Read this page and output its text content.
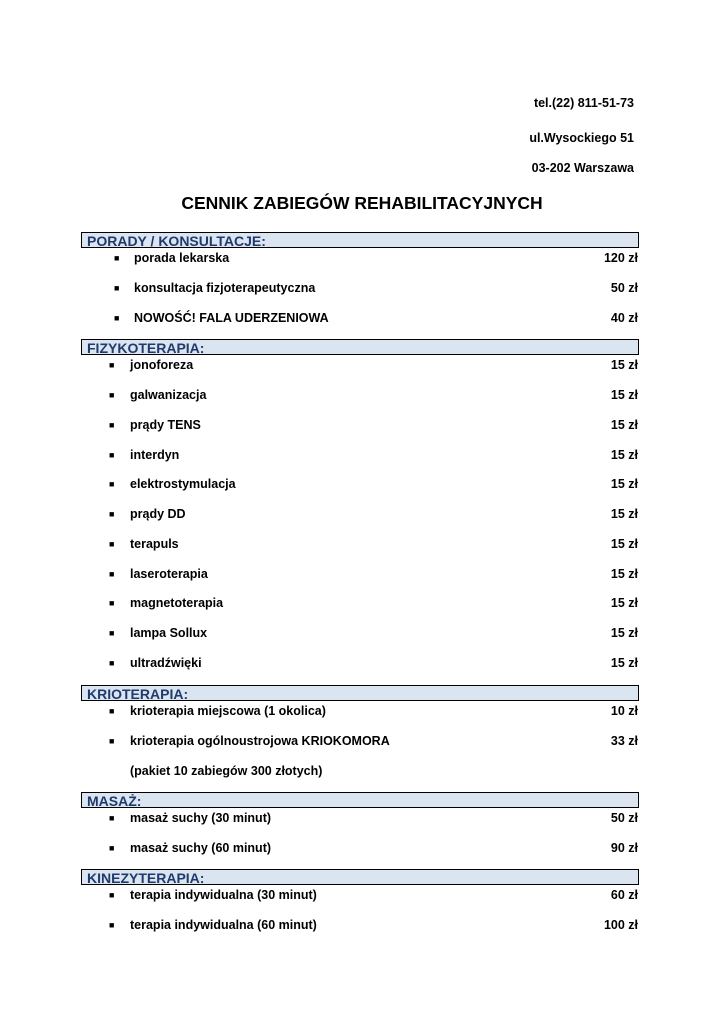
tel.(22) 811-51-73
ul.Wysockiego 51
03-202 Warszawa
CENNIK ZABIEGÓW REHABILITACYJNYCH
PORADY / KONSULTACJE:
■ porada lekarska	120 zł
■ konsultacja fizjoterapeutyczna	50 zł
■ NOWOŚĆ! FALA UDERZENIOWA	40 zł
FIZYKOTERAPIA:
■ jonoforeza	15 zł
■ galwanizacja	15 zł
■ prądy TENS	15 zł
■ interdyn	15 zł
■ elektrostymulacja	15 zł
■ prądy DD	15 zł
■ terapuls	15 zł
■ laseroterapia	15 zł
■ magnetoterapia	15 zł
■ lampa Sollux	15 zł
■ ultradźwięki	15 zł
KRIOTERAPIA:
■ krioterapia miejscowa (1 okolica)	10 zł
■ krioterapia ogólnoustrojowa KRIOKOMORA	33 zł
(pakiet 10 zabiegów 300 złotych)
MASAŻ:
■ masaż suchy (30 minut)	50 zł
■ masaż suchy (60 minut)	90 zł
KINEZYTERAPIA:
■ terapia indywidualna (30 minut)	60 zł
■ terapia indywidualna (60 minut)	100 zł
